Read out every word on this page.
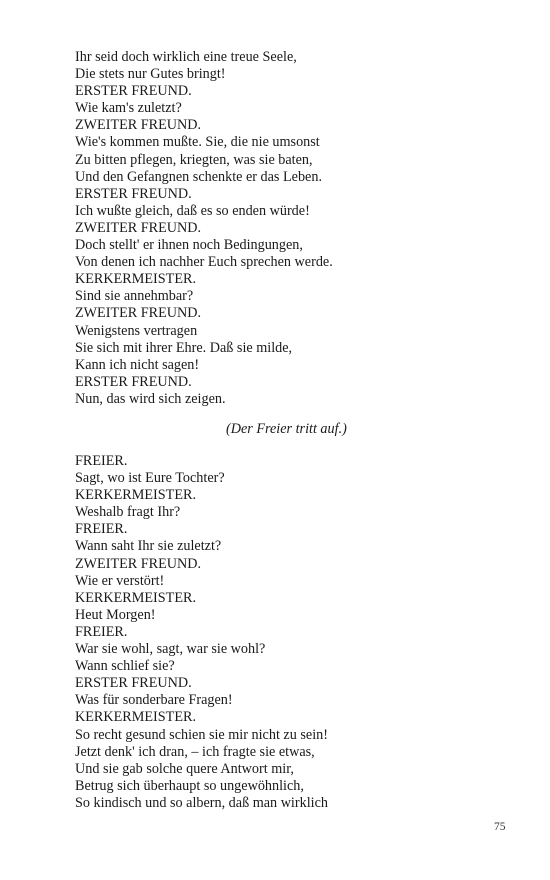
Ihr seid doch wirklich eine treue Seele,
Die stets nur Gutes bringt!
ERSTER FREUND.
Wie kam's zuletzt?
ZWEITER FREUND.
Wie's kommen mußte. Sie, die nie umsonst
Zu bitten pflegen, kriegten, was sie baten,
Und den Gefangnen schenkte er das Leben.
ERSTER FREUND.
Ich wußte gleich, daß es so enden würde!
ZWEITER FREUND.
Doch stellt' er ihnen noch Bedingungen,
Von denen ich nachher Euch sprechen werde.
KERKERMEISTER.
Sind sie annehmbar?
ZWEITER FREUND.
Wenigstens vertragen
Sie sich mit ihrer Ehre. Daß sie milde,
Kann ich nicht sagen!
ERSTER FREUND.
Nun, das wird sich zeigen.
(Der Freier tritt auf.)
FREIER.
Sagt, wo ist Eure Tochter?
KERKERMEISTER.
Weshalb fragt Ihr?
FREIER.
Wann saht Ihr sie zuletzt?
ZWEITER FREUND.
Wie er verstört!
KERKERMEISTER.
Heut Morgen!
FREIER.
War sie wohl, sagt, war sie wohl?
Wann schlief sie?
ERSTER FREUND.
Was für sonderbare Fragen!
KERKERMEISTER.
So recht gesund schien sie mir nicht zu sein!
Jetzt denk' ich dran, – ich fragte sie etwas,
Und sie gab solche quere Antwort mir,
Betrug sich überhaupt so ungewöhnlich,
So kindisch und so albern, daß man wirklich
75
